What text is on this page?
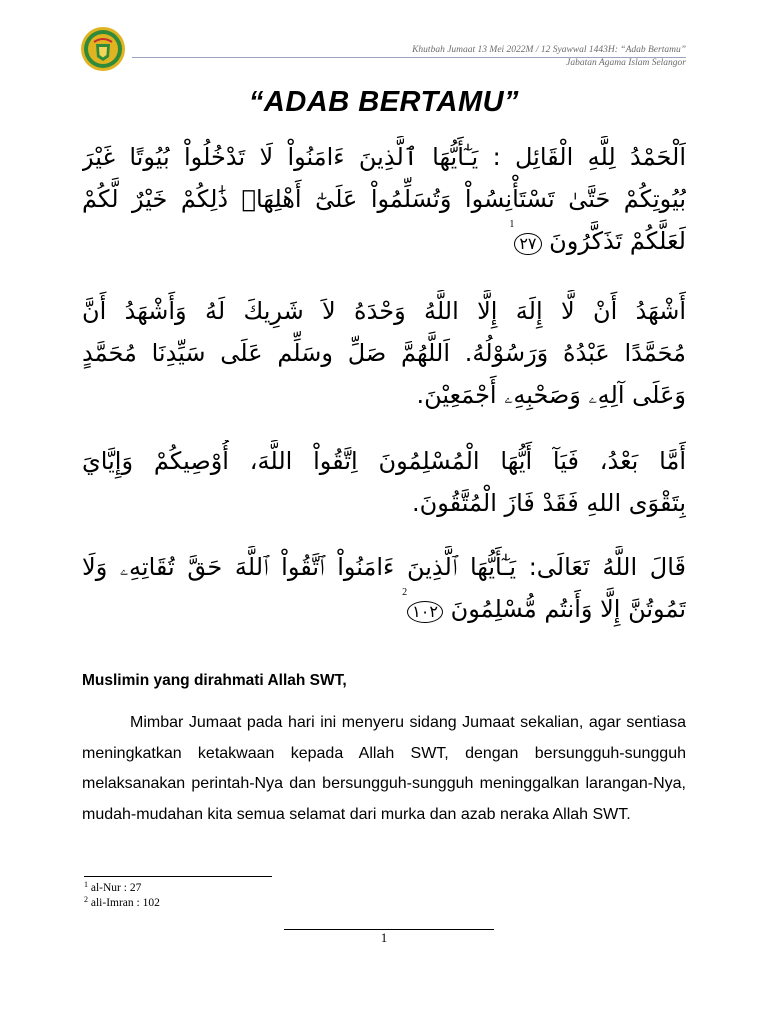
Khutbah Jumaat 13 Mei 2022M / 12 Syawwal 1443H: “Adab Bertamu”
Jabatan Agama Islam Selangor
“ADAB BERTAMU”
اَلْحَمْدُ لِلَّهِ الْقَائِل : يَـٰٓأَيُّهَا ٱلَّذِينَ ءَامَنُواْ لَا تَدْخُلُواْ بُيُوتًا غَيْرَ
بُيُوتِكُمْ حَتَّىٰ تَسْتَأْنِسُواْ وَتُسَلِّمُواْ عَلَىٰٓ أَهْلِهَاۚ ذَٰلِكُمْ خَيْرٌ لَّكُمْ
لَعَلَّكُمْ تَذَكَّرُونَ ٢٧$^1$
أَشْهَدُ أَنْ لَّا إِلَهَ إِلَّا اللَّهُ وَحْدَهُ لاَ شَرِيكَ لَهُ وَأَشْهَدُ أَنَّ
مُحَمَّدًا عَبْدُهُ وَرَسُوْلُهُ. اَللَّهُمَّ صَلِّ وسَلِّم عَلَى سَيِّدِنَا مُحَمَّدٍ
وَعَلَى آلِهِۦ وَصَحْبِهِۦ أَجْمَعِيْنَ.
أَمَّا بَعْدُ، فَيَآ أَيُّهَا الْمُسْلِمُونَ اِتَّقُواْ اللَّهَ، أُوْصِيكُمْ وَإِيَّايَ
بِتَقْوَى اللهِ فَقَدْ فَازَ الْمُتَّقُونَ.
قَالَ اللَّهُ تَعَالَى: يَـٰٓأَيُّهَا ٱلَّذِينَ ءَامَنُواْ ٱتَّقُواْ ٱللَّهَ حَقَّ تُقَاتِهِۦ وَلَا
تَمُوتُنَّ إِلَّا وَأَنتُم مُّسْلِمُونَ ١٠٢$^2$
Muslimin yang dirahmati Allah SWT,
Mimbar Jumaat pada hari ini menyeru sidang Jumaat sekalian, agar sentiasa meningkatkan ketakwaan kepada Allah SWT, dengan bersungguh-sungguh melaksanakan perintah-Nya dan bersungguh-sungguh meninggalkan larangan-Nya, mudah-mudahan kita semua selamat dari murka dan azab neraka Allah SWT.
$^1$ al-Nur : 27
$^2$ ali-Imran : 102
1
